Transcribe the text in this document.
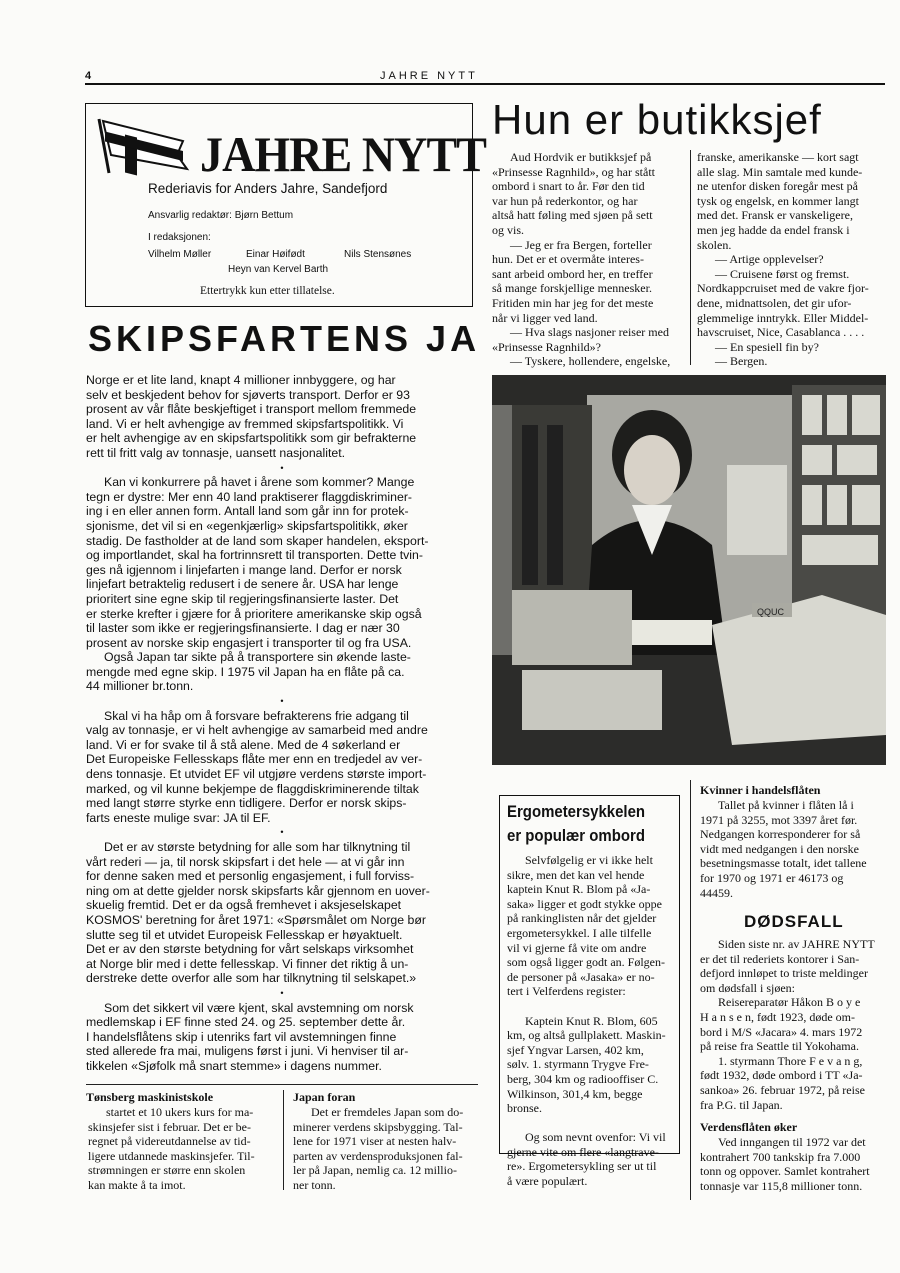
4	JAHRE NYTT
JAHRE NYTT
Rederiavis for Anders Jahre, Sandefjord
Ansvarlig redaktør: Bjørn Bettum
I redaksjonen:
Vilhelm Møller	Einar Høifødt	Nils Stensønes
Heyn van Kervel Barth
Ettertrykk kun etter tillatelse.
SKIPSFARTENS JA
Norge er et lite land, knapt 4 millioner innbyggere, og har
selv et beskjedent behov for sjøverts transport. Derfor er 93
prosent av vår flåte beskjeftiget i transport mellom fremmede
land. Vi er helt avhengige av fremmed skipsfartspolitikk. Vi
er helt avhengige av en skipsfartspolitikk som gir befrakterne
rett til fritt valg av tonnasje, uansett nasjonalitet.
•
Kan vi konkurrere på havet i årene som kommer? Mange
tegn er dystre: Mer enn 40 land praktiserer flaggdiskriminer-
ing i en eller annen form. Antall land som går inn for protek-
sjonisme, det vil si en «egenkjærlig» skipsfartspolitikk, øker
stadig. De fastholder at de land som skaper handelen, eksport-
og importlandet, skal ha fortrinnsrett til transporten. Dette tvin-
ges nå igjennom i linjefarten i mange land. Derfor er norsk
linjefart betraktelig redusert i de senere år. USA har lenge
prioritert sine egne skip til regjeringsfinansierte laster. Det
er sterke krefter i gjære for å prioritere amerikanske skip også
til laster som ikke er regjeringsfinansierte. I dag er nær 30
prosent av norske skip engasjert i transporter til og fra USA.
Også Japan tar sikte på å transportere sin økende laste-
mengde med egne skip. I 1975 vil Japan ha en flåte på ca.
44 millioner br.tonn.
•
Skal vi ha håp om å forsvare befrakterens frie adgang til
valg av tonnasje, er vi helt avhengige av samarbeid med andre
land. Vi er for svake til å stå alene. Med de 4 søkerland er
Det Europeiske Fellesskaps flåte mer enn en tredjedel av ver-
dens tonnasje. Et utvidet EF vil utgjøre verdens største import-
marked, og vil kunne bekjempe de flaggdiskriminerende tiltak
med langt større styrke enn tidligere. Derfor er norsk skips-
farts eneste mulige svar: JA til EF.
•
Det er av største betydning for alle som har tilknytning til
vårt rederi — ja, til norsk skipsfart i det hele — at vi går inn
for denne saken med et personlig engasjement, i full forviss-
ning om at dette gjelder norsk skipsfarts kår gjennom en uover-
skuelig fremtid. Det er da også fremhevet i aksjeselskapet
KOSMOS' beretning for året 1971: «Spørsmålet om Norge bør
slutte seg til et utvidet Europeisk Fellesskap er høyaktuelt.
Det er av den største betydning for vårt selskaps virksomhet
at Norge blir med i dette fellesskap. Vi finner det riktig å un-
derstreke dette overfor alle som har tilknytning til selskapet.»
•
Som det sikkert vil være kjent, skal avstemning om norsk
medlemskap i EF finne sted 24. og 25. september dette år.
I handelsflåtens skip i utenriks fart vil avstemningen finne
sted allerede fra mai, muligens først i juni. Vi henviser til ar-
tikkelen «Sjøfolk må snart stemme» i dagens nummer.
Tønsberg maskinistskole
startet et 10 ukers kurs for ma-
skinsjefer sist i februar. Det er be-
regnet på videreutdannelse av tid-
ligere utdannede maskinsjefer. Til-
strømningen er større enn skolen
kan makte å ta imot.
Japan foran
Det er fremdeles Japan som do-
minerer verdens skipsbygging. Tal-
lene for 1971 viser at nesten halv-
parten av verdensproduksjonen fal-
ler på Japan, nemlig ca. 12 millio-
ner tonn.
Hun er butikksjef
Aud Hordvik er butikksjef på
«Prinsesse Ragnhild», og har stått
ombord i snart to år. Før den tid
var hun på rederkontor, og har
altså hatt føling med sjøen på sett
og vis.
— Jeg er fra Bergen, forteller
hun. Det er et overmåte interes-
sant arbeid ombord her, en treffer
så mange forskjellige mennesker.
Fritiden min har jeg for det meste
når vi ligger ved land.
— Hva slags nasjoner reiser med
«Prinsesse Ragnhild»?
— Tyskere, hollendere, engelske,
franske, amerikanske — kort sagt
alle slag. Min samtale med kunde-
ne utenfor disken foregår mest på
tysk og engelsk, en kommer langt
med det. Fransk er vanskeligere,
men jeg hadde da endel fransk i
skolen.
— Artige opplevelser?
— Cruisene først og fremst.
Nordkappcruiset med de vakre fjor-
dene, midnattsolen, det gir ufor-
glemmelige inntrykk. Eller Middel-
havscruiset, Nice, Casablanca . . . .
— En spesiell fin by?
— Bergen.
QQUC
Ergometersykkelen
er populær ombord
Selvfølgelig er vi ikke helt
sikre, men det kan vel hende
kaptein Knut R. Blom på «Ja-
saka» ligger et godt stykke oppe
på rankinglisten når det gjelder
ergometersykkel. I alle tilfelle
vil vi gjerne få vite om andre
som også ligger godt an. Følgen-
de personer på «Jasaka» er no-
tert i Velferdens register:

Kaptein Knut R. Blom, 605
km, og altså gullplakett. Maskin-
sjef Yngvar Larsen, 402 km,
sølv. 1. styrmann Trygve Fre-
berg, 304 km og radiooffiser C.
Wilkinson, 301,4 km, begge
bronse.

Og som nevnt ovenfor: Vi vil
gjerne vite om flere «langtrave-
re». Ergometersykling ser ut til
å være populært.
Kvinner i handelsflåten
Tallet på kvinner i flåten lå i
1971 på 3255, mot 3397 året før.
Nedgangen korresponderer for så
vidt med nedgangen i den norske
besetningsmasse totalt, idet tallene
for 1970 og 1971 er 46173 og
44459.
DØDSFALL
Siden siste nr. av JAHRE NYTT
er det til rederiets kontorer i San-
defjord innløpet to triste meldinger
om dødsfall i sjøen:
Reisereparatør Håkon B o y e
H a n s e n, født 1923, døde om-
bord i M/S «Jacara» 4. mars 1972
på reise fra Seattle til Yokohama.
1. styrmann Thore F e v a n g,
født 1932, døde ombord i TT «Ja-
sankoa» 26. februar 1972, på reise
fra P.G. til Japan.
Verdensflåten øker
Ved inngangen til 1972 var det
kontrahert 700 tankskip fra 7.000
tonn og oppover. Samlet kontrahert
tonnasje var 115,8 millioner tonn.
